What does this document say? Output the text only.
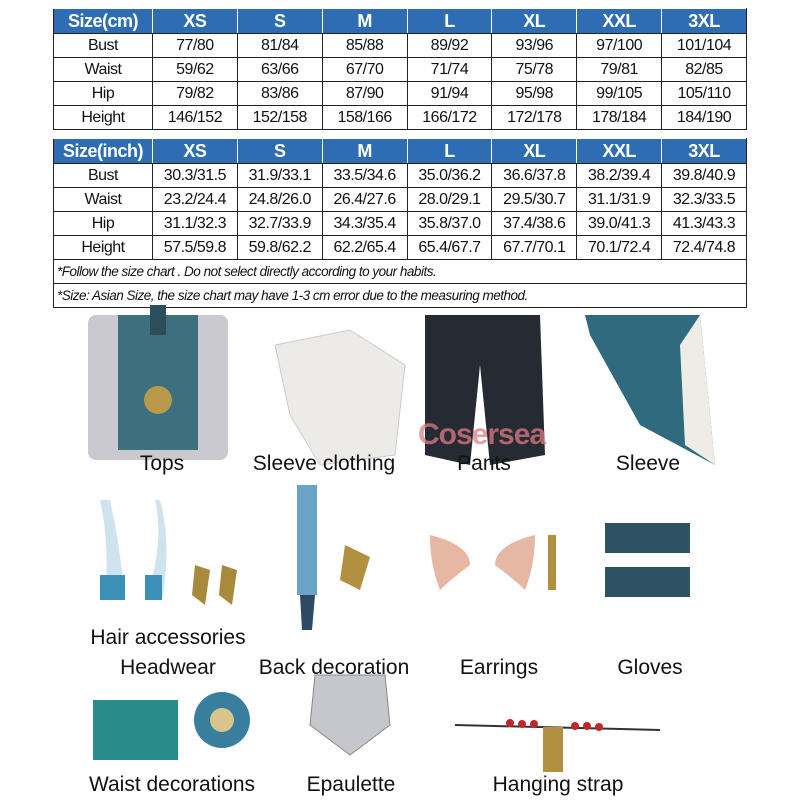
Size(cm)	XS	S	M	L	XL	XXL	3XL
Bust	77/80	81/84	85/88	89/92	93/96	97/100	101/104
Waist	59/62	63/66	67/70	71/74	75/78	79/81	82/85
Hip	79/82	83/86	87/90	91/94	95/98	99/105	105/110
Height	146/152	152/158	158/166	166/172	172/178	178/184	184/190
Size(inch)	XS	S	M	L	XL	XXL	3XL
Bust	30.3/31.5	31.9/33.1	33.5/34.6	35.0/36.2	36.6/37.8	38.2/39.4	39.8/40.9
Waist	23.2/24.4	24.8/26.0	26.4/27.6	28.0/29.1	29.5/30.7	31.1/31.9	32.3/33.5
Hip	31.1/32.3	32.7/33.9	34.3/35.4	35.8/37.0	37.4/38.6	39.0/41.3	41.3/43.3
Height	57.5/59.8	59.8/62.2	62.2/65.4	65.4/67.7	67.7/70.1	70.1/72.4	72.4/74.8
*Follow the size chart . Do not select directly according to your habits.							
*Size: Asian Size, the size chart may have 1-3 cm error due to the measuring method.							
Cosersea
Tops	Sleeve clothing	Pants	Sleeve
Hair accessories
Headwear Back decoration Earrings	Gloves
Waist decorations Epaulette	Hanging strap
